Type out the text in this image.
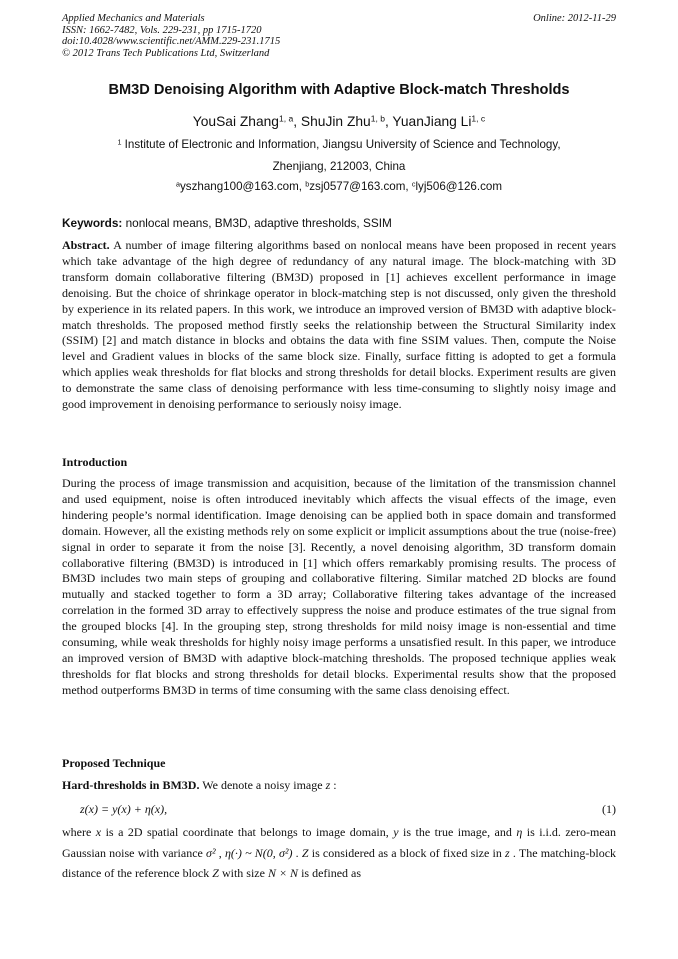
Applied Mechanics and Materials
ISSN: 1662-7482, Vols. 229-231, pp 1715-1720
doi:10.4028/www.scientific.net/AMM.229-231.1715
© 2012 Trans Tech Publications Ltd, Switzerland
Online: 2012-11-29
BM3D Denoising Algorithm with Adaptive Block-match Thresholds
YouSai Zhang$^{1, a}$, ShuJin Zhu$^{1, b}$, YuanJiang Li$^{1, c}$
$^1$ Institute of Electronic and Information, Jiangsu University of Science and Technology,
Zhenjiang, 212003, China
$^a$yszhang100@163.com, $^b$zsj0577@163.com, $^c$lyj506@126.com
Keywords: nonlocal means, BM3D, adaptive thresholds, SSIM
Abstract. A number of image filtering algorithms based on nonlocal means have been proposed in recent years which take advantage of the high degree of redundancy of any natural image. The block-matching with 3D transform domain collaborative filtering (BM3D) proposed in [1] achieves excellent performance in image denoising. But the choice of shrinkage operator in block-matching step is not discussed, only given the threshold by experience in its related papers. In this work, we introduce an improved version of BM3D with adaptive block-match thresholds. The proposed method firstly seeks the relationship between the Structural Similarity index (SSIM) [2] and match distance in blocks and obtains the data with fine SSIM values. Then, compute the Noise level and Gradient values in blocks of the same block size. Finally, surface fitting is adopted to get a formula which applies weak thresholds for flat blocks and strong thresholds for detail blocks. Experiment results are given to demonstrate the same class of denoising performance with less time-consuming to slightly noisy image and good improvement in denoising performance to seriously noisy image.
Introduction
During the process of image transmission and acquisition, because of the limitation of the transmission channel and used equipment, noise is often introduced inevitably which affects the visual effects of the image, even hindering people’s normal identification. Image denoising can be applied both in space domain and transformed domain. However, all the existing methods rely on some explicit or implicit assumptions about the true (noise-free) signal in order to separate it from the noise [3]. Recently, a novel denoising algorithm, 3D transform domain collaborative filtering (BM3D) is introduced in [1] which offers remarkably promising results. The process of BM3D includes two main steps of grouping and collaborative filtering. Similar matched 2D blocks are found mutually and stacked together to form a 3D array; Collaborative filtering takes advantage of the increased correlation in the formed 3D array to effectively suppress the noise and produce estimates of the true signal from the grouped blocks [4]. In the grouping step, strong thresholds for mild noisy image is non-essential and time consuming, while weak thresholds for highly noisy image performs a unsatisfied result. In this paper, we introduce an improved version of BM3D with adaptive block-matching thresholds. The proposed technique applies weak thresholds for flat blocks and strong thresholds for detail blocks. Experimental results show that the proposed method outperforms BM3D in terms of time consuming with the same class denoising effect.
Proposed Technique
Hard-thresholds in BM3D. We denote a noisy image z :
z(x) = y(x) + η(x),	(1)
where x is a 2D spatial coordinate that belongs to image domain, y is the true image, and η is i.i.d. zero-mean Gaussian noise with variance σ² , η(·) ~ N(0, σ²) . Z is considered as a block of fixed size in z . The matching-block distance of the reference block Z with size N × N is defined as
